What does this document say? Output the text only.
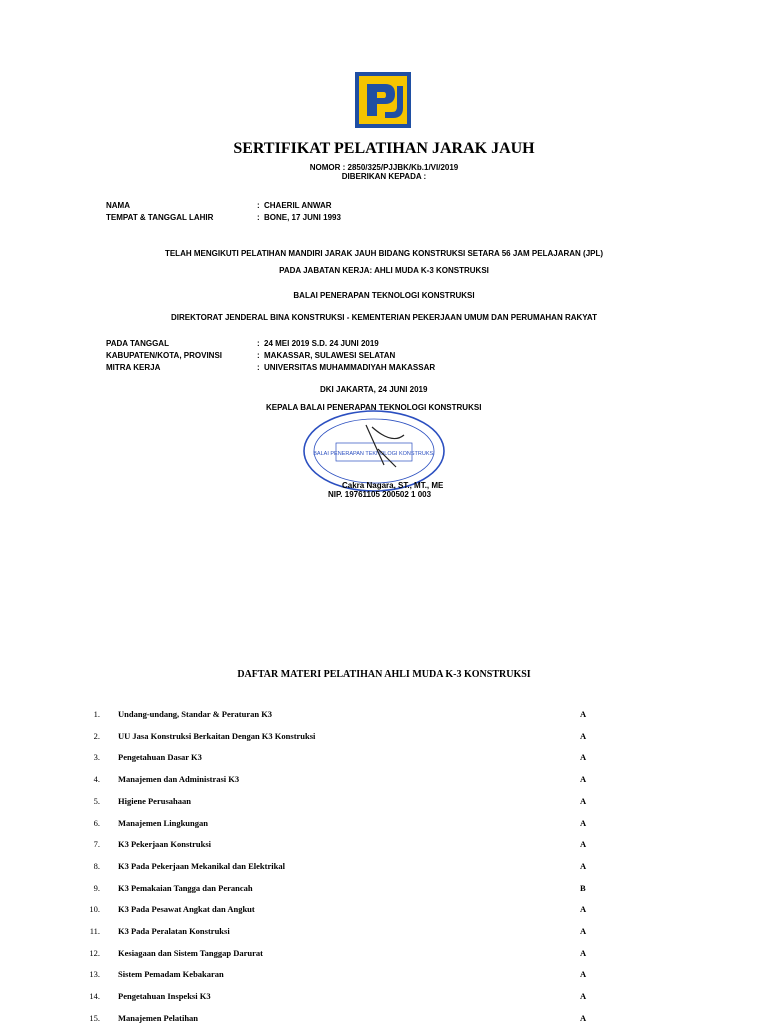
SERTIFIKAT PELATIHAN JARAK JAUH
NOMOR : 2850/325/PJJBK/Kb.1/VI/2019
DIBERIKAN KEPADA :
NAMA	: CHAERIL ANWAR
TEMPAT & TANGGAL LAHIR	: BONE, 17 JUNI 1993
TELAH MENGIKUTI PELATIHAN MANDIRI JARAK JAUH BIDANG KONSTRUKSI SETARA 56 JAM PELAJARAN (JPL)
PADA JABATAN KERJA: AHLI MUDA K-3 KONSTRUKSI
BALAI PENERAPAN TEKNOLOGI KONSTRUKSI
DIREKTORAT JENDERAL BINA KONSTRUKSI - KEMENTERIAN PEKERJAAN UMUM DAN PERUMAHAN RAKYAT
PADA TANGGAL	: 24 MEI 2019 S.D. 24 JUNI 2019
KABUPATEN/KOTA, PROVINSI	: MAKASSAR, SULAWESI SELATAN
MITRA KERJA	: UNIVERSITAS MUHAMMADIYAH MAKASSAR
DKI JAKARTA, 24 JUNI 2019
KEPALA BALAI PENERAPAN TEKNOLOGI KONSTRUKSI
BALAI PENERAPAN TEKNOLOGI KONSTRUKSI
Cakra Nagara, ST., MT., ME
NIP. 19761105 200502 1 003
DAFTAR MATERI PELATIHAN AHLI MUDA K-3 KONSTRUKSI
1. Undang-undang, Standar & Peraturan K3	A
2. UU Jasa Konstruksi Berkaitan Dengan K3 Konstruksi	A
3. Pengetahuan Dasar K3	A
4. Manajemen dan Administrasi K3	A
5. Higiene Perusahaan	A
6. Manajemen Lingkungan	A
7. K3 Pekerjaan Konstruksi	A
8. K3 Pada Pekerjaan Mekanikal dan Elektrikal	A
9. K3 Pemakaian Tangga dan Perancah	B
10. K3 Pada Pesawat Angkat dan Angkut	A
11. K3 Pada Peralatan Konstruksi	A
12. Kesiagaan dan Sistem Tanggap Darurat	A
13. Sistem Pemadam Kebakaran	A
14. Pengetahuan Inspeksi K3	A
15. Manajemen Pelatihan	A
